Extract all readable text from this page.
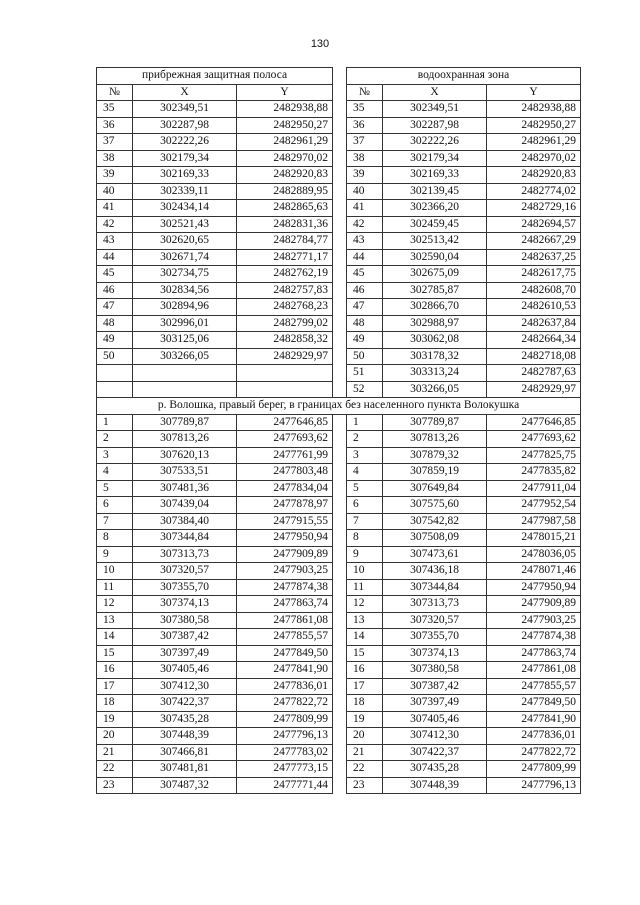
130
прибрежная защитная полоса				водоохранная зона		
№	X	Y		№	X	Y
35	302349,51	2482938,88		35	302349,51	2482938,88
36	302287,98	2482950,27		36	302287,98	2482950,27
37	302222,26	2482961,29		37	302222,26	2482961,29
38	302179,34	2482970,02		38	302179,34	2482970,02
39	302169,33	2482920,83		39	302169,33	2482920,83
40	302339,11	2482889,95		40	302139,45	2482774,02
41	302434,14	2482865,63		41	302366,20	2482729,16
42	302521,43	2482831,36		42	302459,45	2482694,57
43	302620,65	2482784,77		43	302513,42	2482667,29
44	302671,74	2482771,17		44	302590,04	2482637,25
45	302734,75	2482762,19		45	302675,09	2482617,75
46	302834,56	2482757,83		46	302785,87	2482608,70
47	302894,96	2482768,23		47	302866,70	2482610,53
48	302996,01	2482799,02		48	302988,97	2482637,84
49	303125,06	2482858,32		49	303062,08	2482664,34
50	303266,05	2482929,97		50	303178,32	2482718,08
				51	303313,24	2482787,63
				52	303266,05	2482929,97
р. Волошка, правый берег, в границах без населенного пункта Волокушка						
1	307789,87	2477646,85		1	307789,87	2477646,85
2	307813,26	2477693,62		2	307813,26	2477693,62
3	307620,13	2477761,99		3	307879,32	2477825,75
4	307533,51	2477803,48		4	307859,19	2477835,82
5	307481,36	2477834,04		5	307649,84	2477911,04
6	307439,04	2477878,97		6	307575,60	2477952,54
7	307384,40	2477915,55		7	307542,82	2477987,58
8	307344,84	2477950,94		8	307508,09	2478015,21
9	307313,73	2477909,89		9	307473,61	2478036,05
10	307320,57	2477903,25		10	307436,18	2478071,46
11	307355,70	2477874,38		11	307344,84	2477950,94
12	307374,13	2477863,74		12	307313,73	2477909,89
13	307380,58	2477861,08		13	307320,57	2477903,25
14	307387,42	2477855,57		14	307355,70	2477874,38
15	307397,49	2477849,50		15	307374,13	2477863,74
16	307405,46	2477841,90		16	307380,58	2477861,08
17	307412,30	2477836,01		17	307387,42	2477855,57
18	307422,37	2477822,72		18	307397,49	2477849,50
19	307435,28	2477809,99		19	307405,46	2477841,90
20	307448,39	2477796,13		20	307412,30	2477836,01
21	307466,81	2477783,02		21	307422,37	2477822,72
22	307481,81	2477773,15		22	307435,28	2477809,99
23	307487,32	2477771,44		23	307448,39	2477796,13
